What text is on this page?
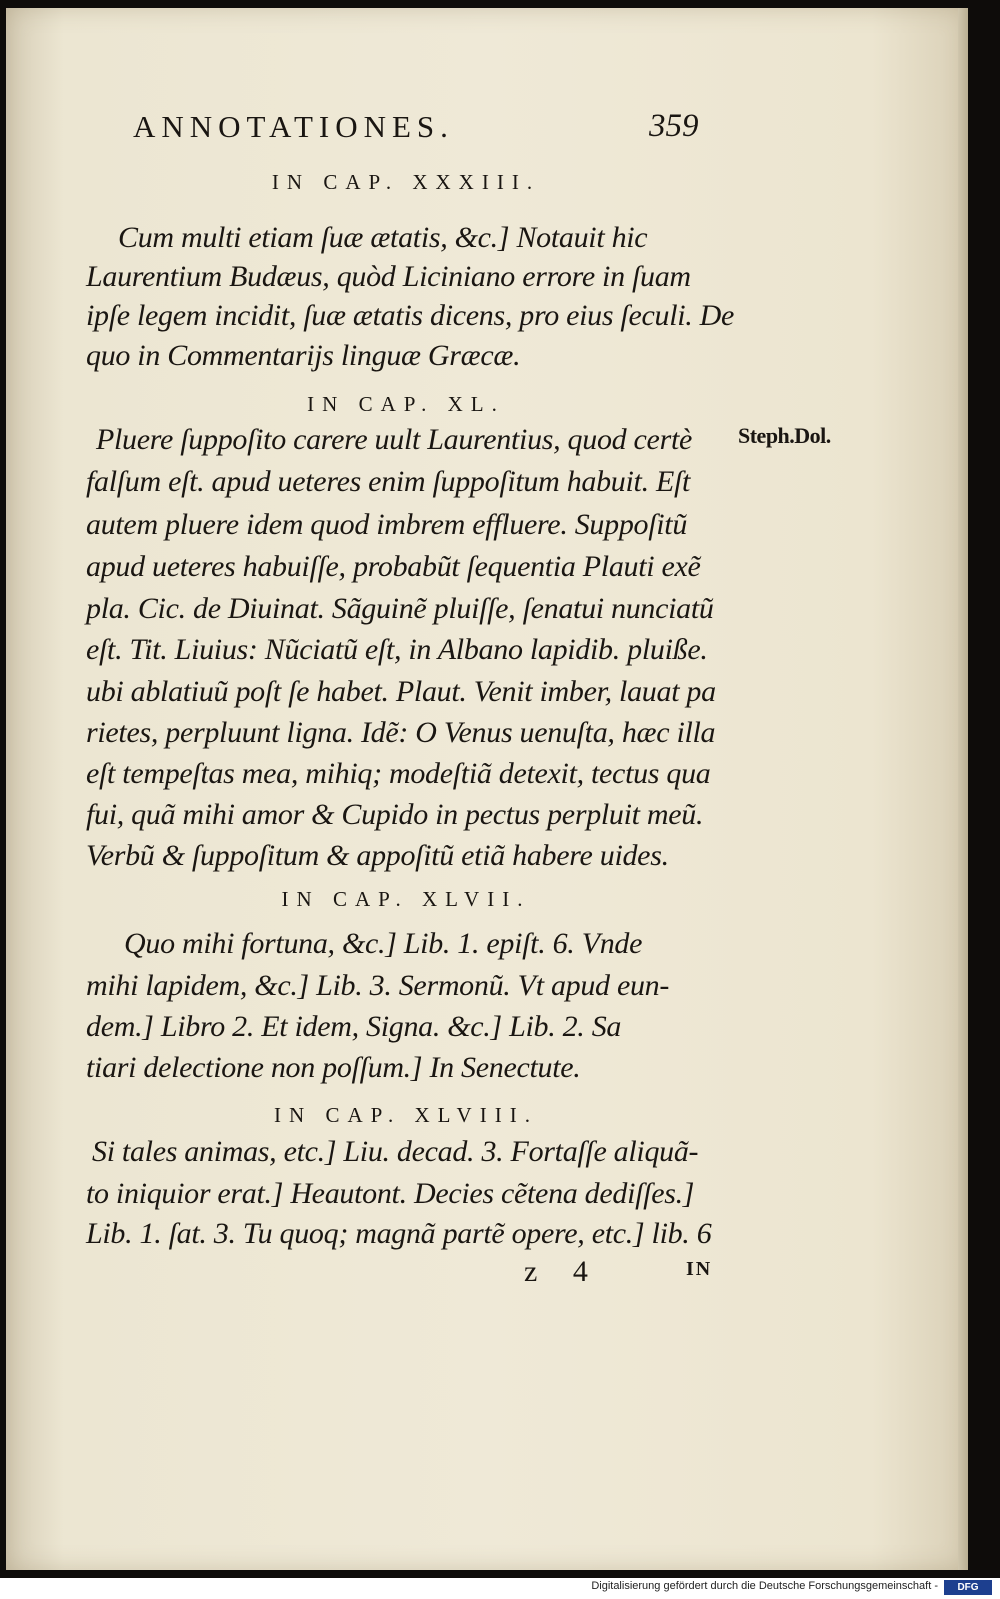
ANNOTATIONES.	359
IN CAP. XXXIII.
Cum multi etiam ſuæ ætatis, &c.] Notauit hic
Laurentium Budæus, quòd Liciniano errore in ſuam
ipſe legem incidit, ſuæ ætatis dicens, pro eius ſeculi. De
quo in Commentarijs linguæ Græcæ.
IN CAP. XL.
Steph.Dol.
Pluere ſuppoſito carere uult Laurentius, quod certè
falſum eſt. apud ueteres enim ſuppoſitum habuit. Eſt
autem pluere idem quod imbrem effluere. Suppoſitũ
apud ueteres habuiſſe, probabũt ſequentia Plauti exẽ
pla. Cic. de Diuinat. Sãguinẽ pluiſſe, ſenatui nunciatũ
eſt. Tit. Liuius: Nũciatũ eſt, in Albano lapidib. pluiße.
ubi ablatiuũ poſt ſe habet. Plaut. Venit imber, lauat pa
rietes, perpluunt ligna. Idẽ: O Venus uenuſta, hæc illa
eſt tempeſtas mea, mihiq; modeſtiã detexit, tectus qua
fui, quã mihi amor & Cupido in pectus perpluit meũ.
Verbũ & ſuppoſitum & appoſitũ etiã habere uides.
IN CAP. XLVII.
Quo mihi fortuna, &c.] Lib. 1. epiſt. 6. Vnde
mihi lapidem, &c.] Lib. 3. Sermonũ. Vt apud eun-
dem.] Libro 2. Et idem, Signa. &c.] Lib. 2. Sa
tiari delectione non poſſum.] In Senectute.
IN CAP. XLVIII.
Si tales animas, etc.] Liu. decad. 3. Fortaſſe aliquã-
to iniquior erat.] Heautont. Decies cẽtena dediſſes.]
Lib. 1. ſat. 3. Tu quoq; magnã partẽ opere, etc.] lib. 6
z 4	IN
Digitalisierung gefördert durch die Deutsche Forschungsgemeinschaft -	DFG
